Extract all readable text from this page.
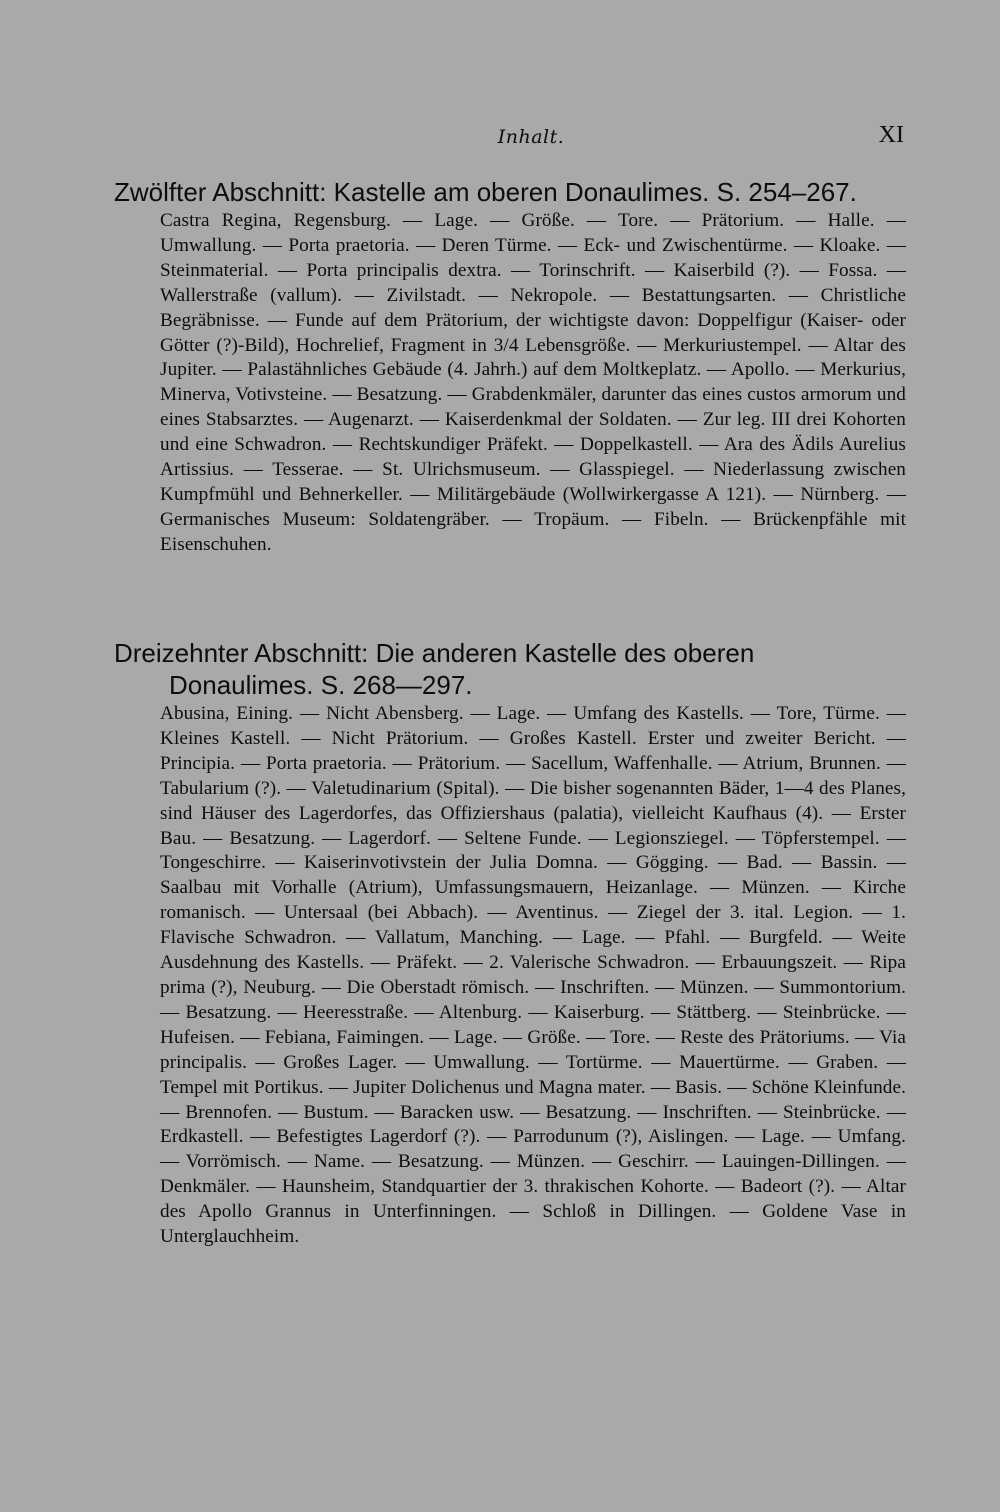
Inhalt.	XI
Zwölfter Abschnitt: Kastelle am oberen Donaulimes. S. 254–267.

Castra Regina, Regensburg. — Lage. — Größe. — Tore. — Prätorium. — Halle. — Umwallung. — Porta praetoria. — Deren Türme. — Eck- und Zwischentürme. — Kloake. — Steinmaterial. — Porta principalis dextra. — Torinschrift. — Kaiserbild (?). — Fossa. — Wallerstraße (vallum). — Zivilstadt. — Nekropole. — Bestattungsarten. — Christliche Begräbnisse. — Funde auf dem Prätorium, der wichtigste davon: Doppelfigur (Kaiser- oder Götter (?)-Bild), Hochrelief, Fragment in 3/4 Lebensgröße. — Merkuriustempel. — Altar des Jupiter. — Palastähnliches Gebäude (4. Jahrh.) auf dem Moltkeplatz. — Apollo. — Merkurius, Minerva, Votivsteine. — Besatzung. — Grabdenkmäler, darunter das eines custos armorum und eines Stabsarztes. — Augenarzt. — Kaiserdenkmal der Soldaten. — Zur leg. III drei Kohorten und eine Schwadron. — Rechtskundiger Präfekt. — Doppelkastell. — Ara des Ädils Aurelius Artissius. — Tesserae. — St. Ulrichsmuseum. — Glasspiegel. — Niederlassung zwischen Kumpfmühl und Behnerkeller. — Militärgebäude (Wollwirkergasse A 121). — Nürnberg. — Germanisches Museum: Soldatengräber. — Tropäum. — Fibeln. — Brückenpfähle mit Eisenschuhen.

Dreizehnter Abschnitt: Die anderen Kastelle des oberen
Donaulimes. S. 268—297.

Abusina, Eining. — Nicht Abensberg. — Lage. — Umfang des Kastells. — Tore, Türme. — Kleines Kastell. — Nicht Prätorium. — Großes Kastell. Erster und zweiter Bericht. — Principia. — Porta praetoria. — Prätorium. — Sacellum, Waffenhalle. — Atrium, Brunnen. — Tabularium (?). — Valetudinarium (Spital). — Die bisher sogenannten Bäder, 1—4 des Planes, sind Häuser des Lagerdorfes, das Offiziershaus (palatia), vielleicht Kaufhaus (4). — Erster Bau. — Besatzung. — Lagerdorf. — Seltene Funde. — Legionsziegel. — Töpferstempel. — Tongeschirre. — Kaiserinvotivstein der Julia Domna. — Gögging. — Bad. — Bassin. — Saalbau mit Vorhalle (Atrium), Umfassungsmauern, Heizanlage. — Münzen. — Kirche romanisch. — Untersaal (bei Abbach). — Aventinus. — Ziegel der 3. ital. Legion. — 1. Flavische Schwadron. — Vallatum, Manching. — Lage. — Pfahl. — Burgfeld. — Weite Ausdehnung des Kastells. — Präfekt. — 2. Valerische Schwadron. — Erbauungszeit. — Ripa prima (?), Neuburg. — Die Oberstadt römisch. — Inschriften. — Münzen. — Summontorium. — Besatzung. — Heeresstraße. — Altenburg. — Kaiserburg. — Stättberg. — Steinbrücke. — Hufeisen. — Febiana, Faimingen. — Lage. — Größe. — Tore. — Reste des Prätoriums. — Via principalis. — Großes Lager. — Umwallung. — Tortürme. — Mauertürme. — Graben. — Tempel mit Portikus. — Jupiter Dolichenus und Magna mater. — Basis. — Schöne Kleinfunde. — Brennofen. — Bustum. — Baracken usw. — Besatzung. — Inschriften. — Steinbrücke. — Erdkastell. — Befestigtes Lagerdorf (?). — Parrodunum (?), Aislingen. — Lage. — Umfang. — Vorrömisch. — Name. — Besatzung. — Münzen. — Geschirr. — Lauingen-Dillingen. — Denkmäler. — Haunsheim, Standquartier der 3. thrakischen Kohorte. — Badeort (?). — Altar des Apollo Grannus in Unterfinningen. — Schloß in Dillingen. — Goldene Vase in Unterglauchheim.
